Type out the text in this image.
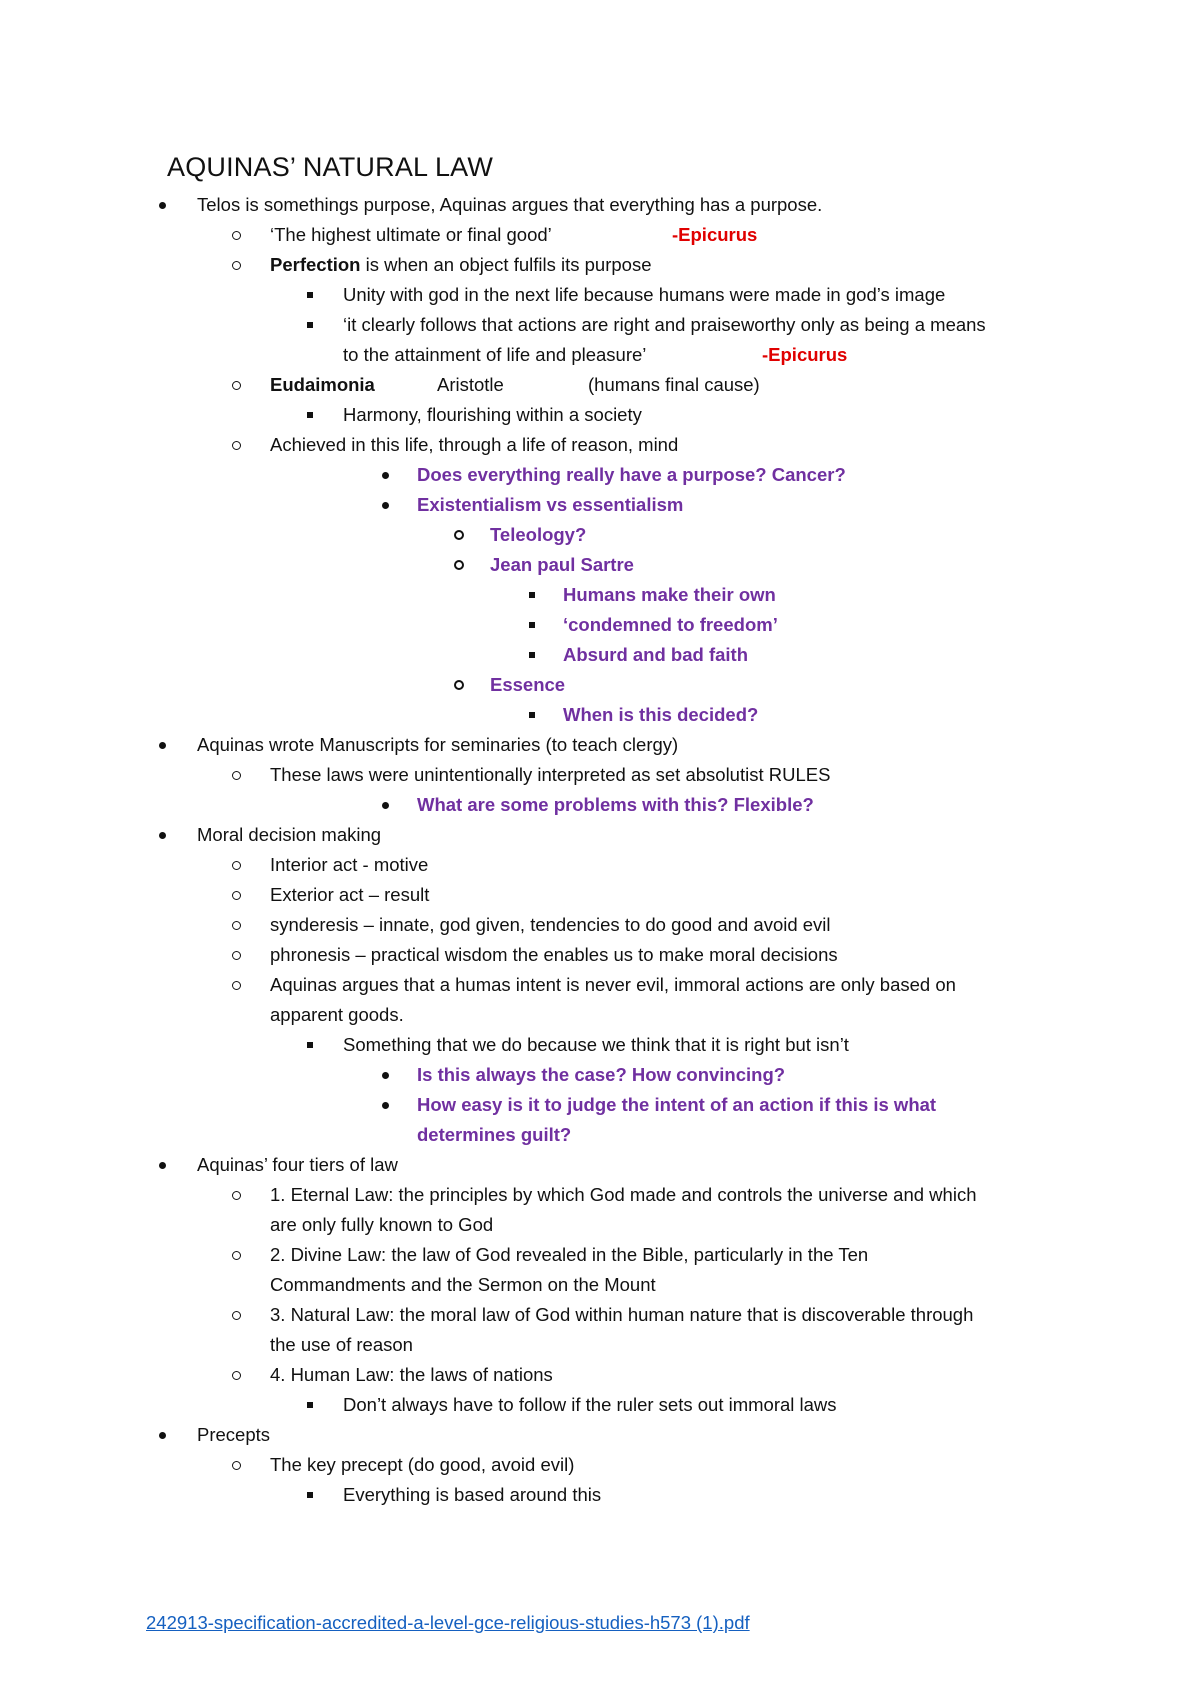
AQUINAS’ NATURAL LAW
Telos is somethings purpose, Aquinas argues that everything has a purpose.
‘The highest ultimate or final good’	-Epicurus
Perfection is when an object fulfils its purpose
Unity with god in the next life because humans were made in god’s image
‘it clearly follows that actions are right and praiseworthy only as being a means
to the attainment of life and pleasure’	-Epicurus
Eudaimonia	Aristotle	(humans final cause)
Harmony, flourishing within a society
Achieved in this life, through a life of reason, mind
Does everything really have a purpose? Cancer?
Existentialism vs essentialism
Teleology?
Jean paul Sartre
Humans make their own
‘condemned to freedom’
Absurd and bad faith
Essence
When is this decided?
Aquinas wrote Manuscripts for seminaries (to teach clergy)
These laws were unintentionally interpreted as set absolutist RULES
What are some problems with this? Flexible?
Moral decision making
Interior act - motive
Exterior act – result
synderesis – innate, god given, tendencies to do good and avoid evil
phronesis – practical wisdom the enables us to make moral decisions
Aquinas argues that a humas intent is never evil, immoral actions are only based on
apparent goods.
Something that we do because we think that it is right but isn’t
Is this always the case? How convincing?
How easy is it to judge the intent of an action if this is what
determines guilt?
Aquinas’ four tiers of law
1. Eternal Law: the principles by which God made and controls the universe and which
are only fully known to God
2. Divine Law: the law of God revealed in the Bible, particularly in the Ten
Commandments and the Sermon on the Mount
3. Natural Law: the moral law of God within human nature that is discoverable through
the use of reason
4. Human Law: the laws of nations
Don’t always have to follow if the ruler sets out immoral laws
Precepts
The key precept (do good, avoid evil)
Everything is based around this
242913-specification-accredited-a-level-gce-religious-studies-h573 (1).pdf
